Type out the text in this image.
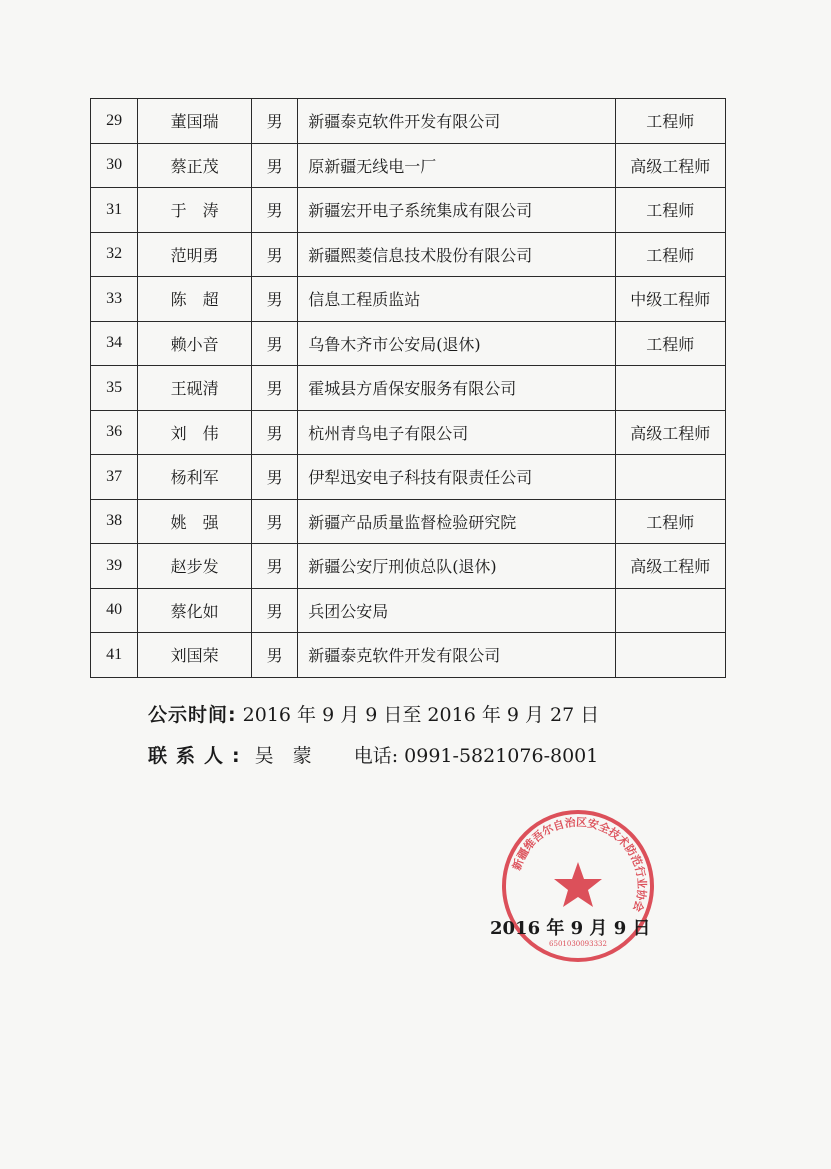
29	董国瑞	男	新疆泰克软件开发有限公司	工程师
30	蔡正茂	男	原新疆无线电一厂	高级工程师
31	于　涛	男	新疆宏开电子系统集成有限公司	工程师
32	范明勇	男	新疆熙菱信息技术股份有限公司	工程师
33	陈　超	男	信息工程质监站	中级工程师
34	赖小音	男	乌鲁木齐市公安局(退休)	工程师
35	王砚清	男	霍城县方盾保安服务有限公司	
36	刘　伟	男	杭州青鸟电子有限公司	高级工程师
37	杨利军	男	伊犁迅安电子科技有限责任公司	
38	姚　强	男	新疆产品质量监督检验研究院	工程师
39	赵步发	男	新疆公安厅刑侦总队(退休)	高级工程师
40	蔡化如	男	兵团公安局	
41	刘国荣	男	新疆泰克软件开发有限公司	
公示时间: 2016 年 9 月 9 日至 2016 年 9 月 27 日
联系人: 吴　蒙 电话: 0991-5821076-8001
新疆维吾尔自治区安全技术防范行业协会
6501030093332
2016 年 9 月 9 日
